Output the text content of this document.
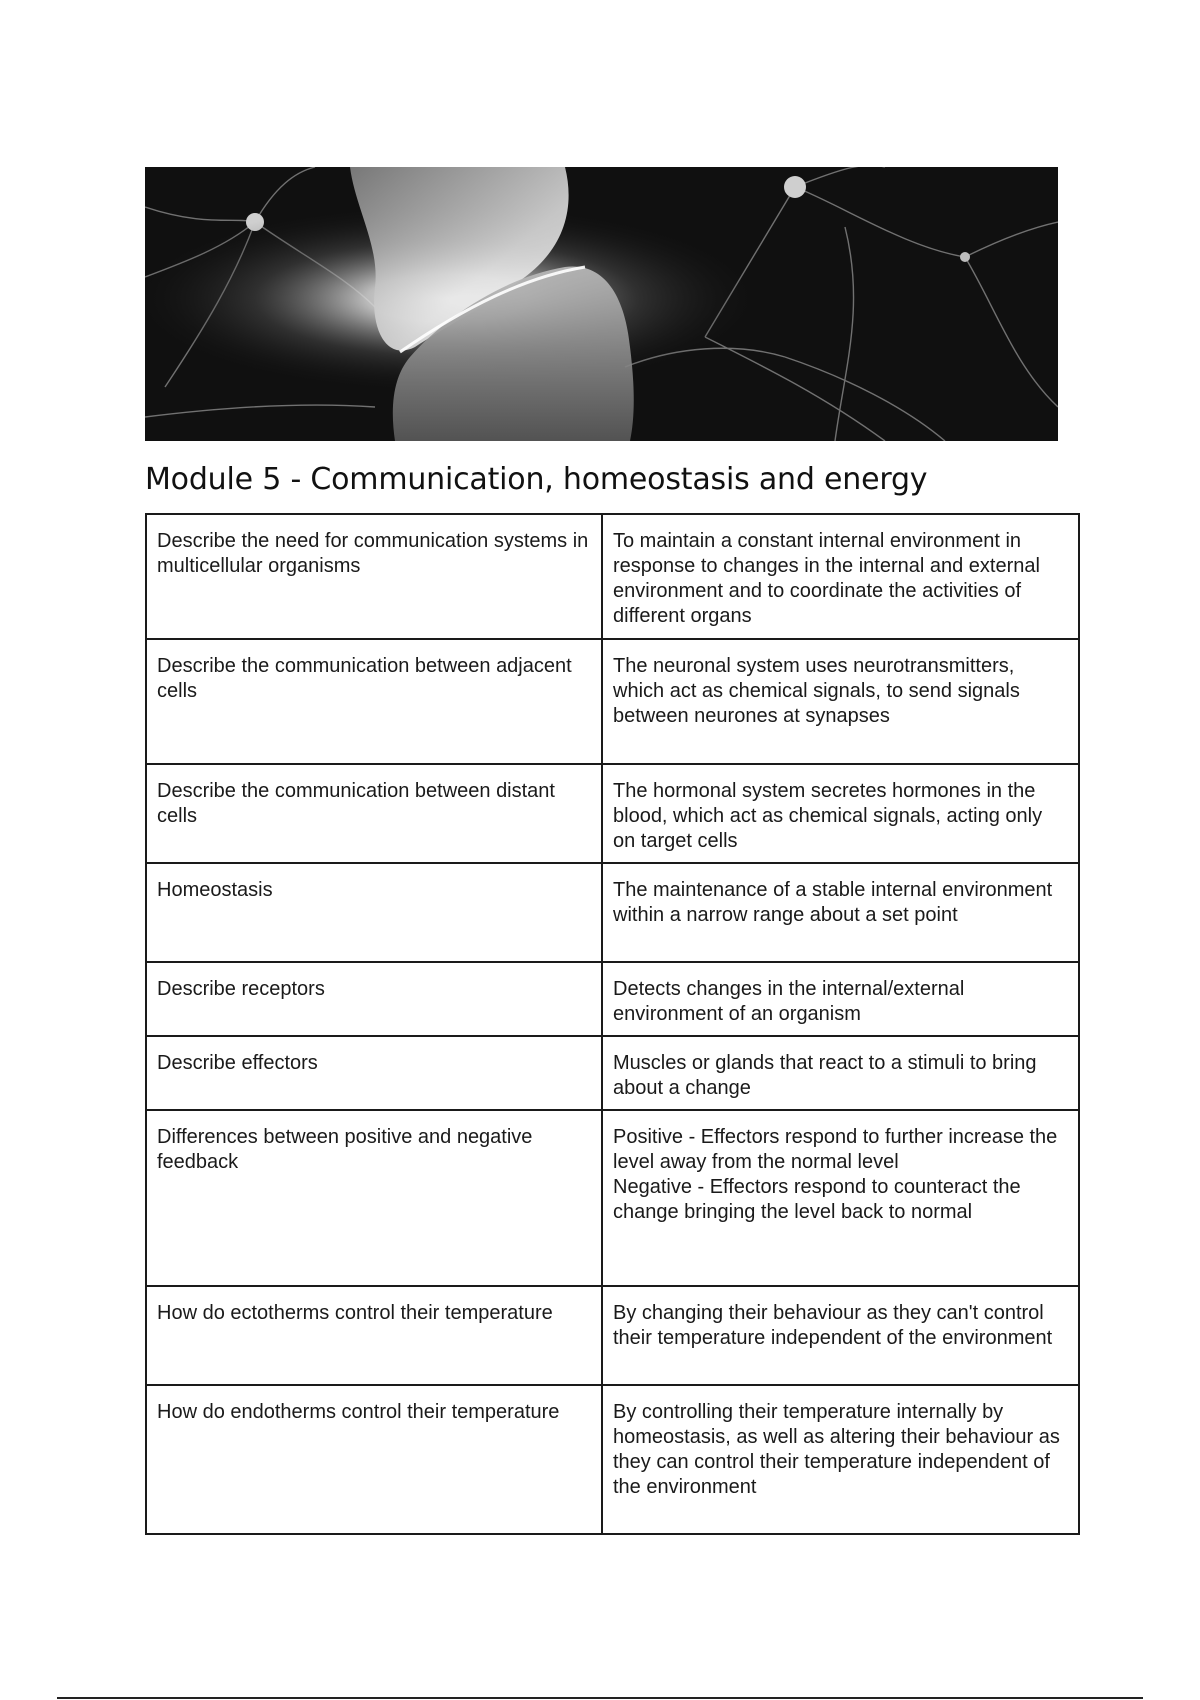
Module 5 - Communication, homeostasis and energy
Describe the need for communication systems in multicellular organisms	To maintain a constant internal environment in response to changes in the internal and external environment and to coordinate the activities of different organs
Describe the communication between adjacent cells	The neuronal system uses neurotransmitters, which act as chemical signals, to send signals between neurones at synapses
Describe the communication between distant cells	The hormonal system secretes hormones in the blood, which act as chemical signals, acting only on target cells
Homeostasis	The maintenance of a stable internal environment within a narrow range about a set point
Describe receptors	Detects changes in the internal/external environment of an organism
Describe effectors	Muscles or glands that react to a stimuli to bring about a change
Differences between positive and negative feedback	Positive - Effectors respond to further increase the level away from the normal level
Negative - Effectors respond to counteract the change bringing the level back to normal
How do ectotherms control their temperature	By changing their behaviour as they can't control their temperature independent of the environment
How do endotherms control their temperature	By controlling their temperature internally by homeostasis, as well as altering their behaviour as they can control their temperature independent of the environment
